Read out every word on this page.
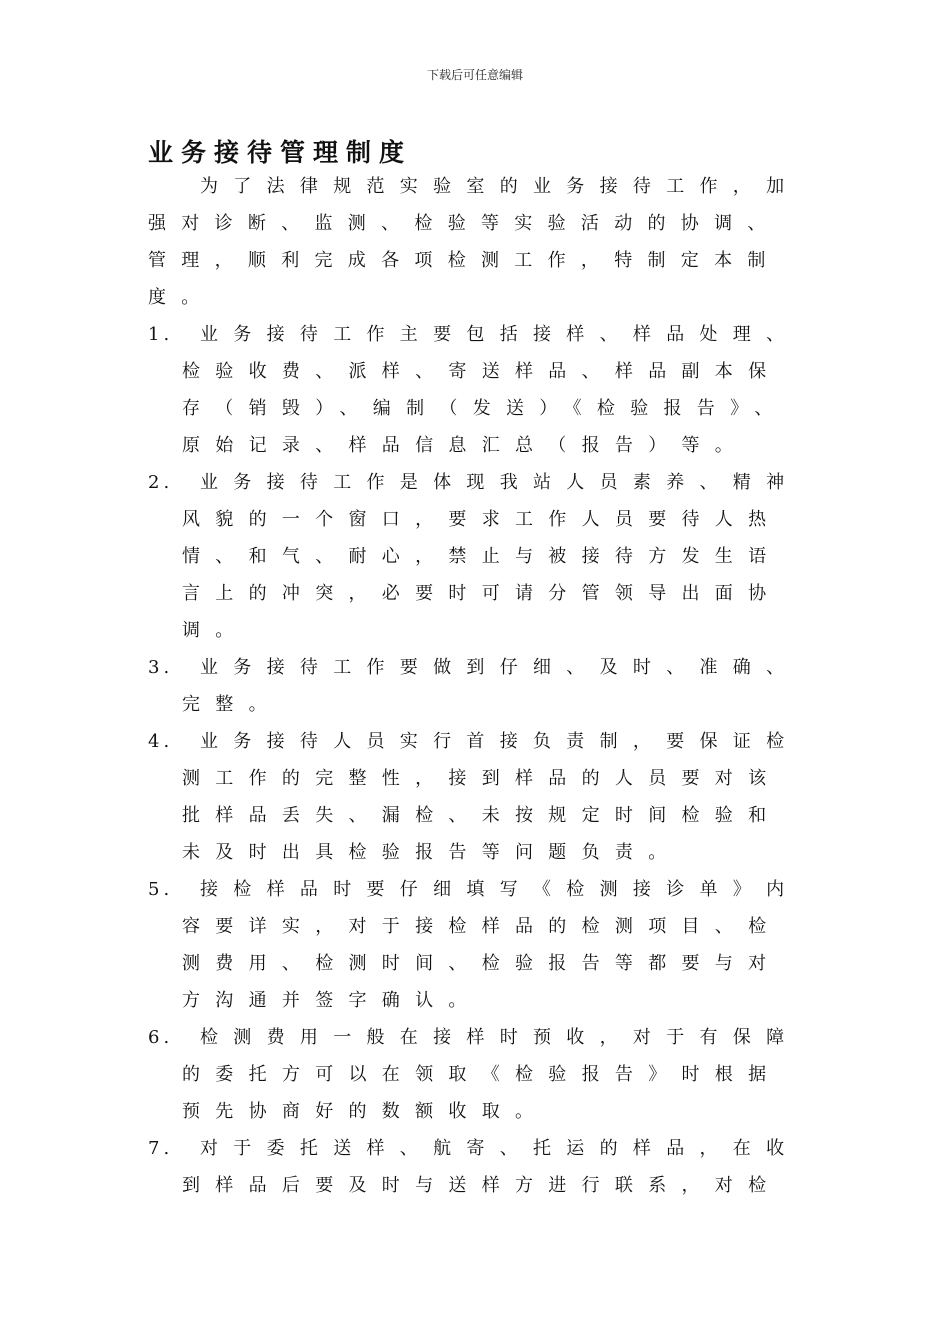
下载后可任意编辑
业务接待管理制度
为了法律规范实验室的业务接待工作，加
强对诊断、监测、检验等实验活动的协调、
管理，顺利完成各项检测工作，特制定本制
度。
1. 业务接待工作主要包括接样、样品处理、
检验收费、派样、寄送样品、样品副本保
存（销毁）、编制（发送）《检验报告》、
原始记录、样品信息汇总（报告）等。
2. 业务接待工作是体现我站人员素养、精神
风貌的一个窗口，要求工作人员要待人热
情、和气、耐心，禁止与被接待方发生语
言上的冲突，必要时可请分管领导出面协
调。
3. 业务接待工作要做到仔细、及时、准确、
完整。
4. 业务接待人员实行首接负责制，要保证检
测工作的完整性，接到样品的人员要对该
批样品丢失、漏检、未按规定时间检验和
未及时出具检验报告等问题负责。
5. 接检样品时要仔细填写《检测接诊单》内
容要详实，对于接检样品的检测项目、检
测费用、检测时间、检验报告等都要与对
方沟通并签字确认。
6. 检测费用一般在接样时预收，对于有保障
的委托方可以在领取《检验报告》时根据
预先协商好的数额收取。
7. 对于委托送样、航寄、托运的样品，在收
到样品后要及时与送样方进行联系，对检
